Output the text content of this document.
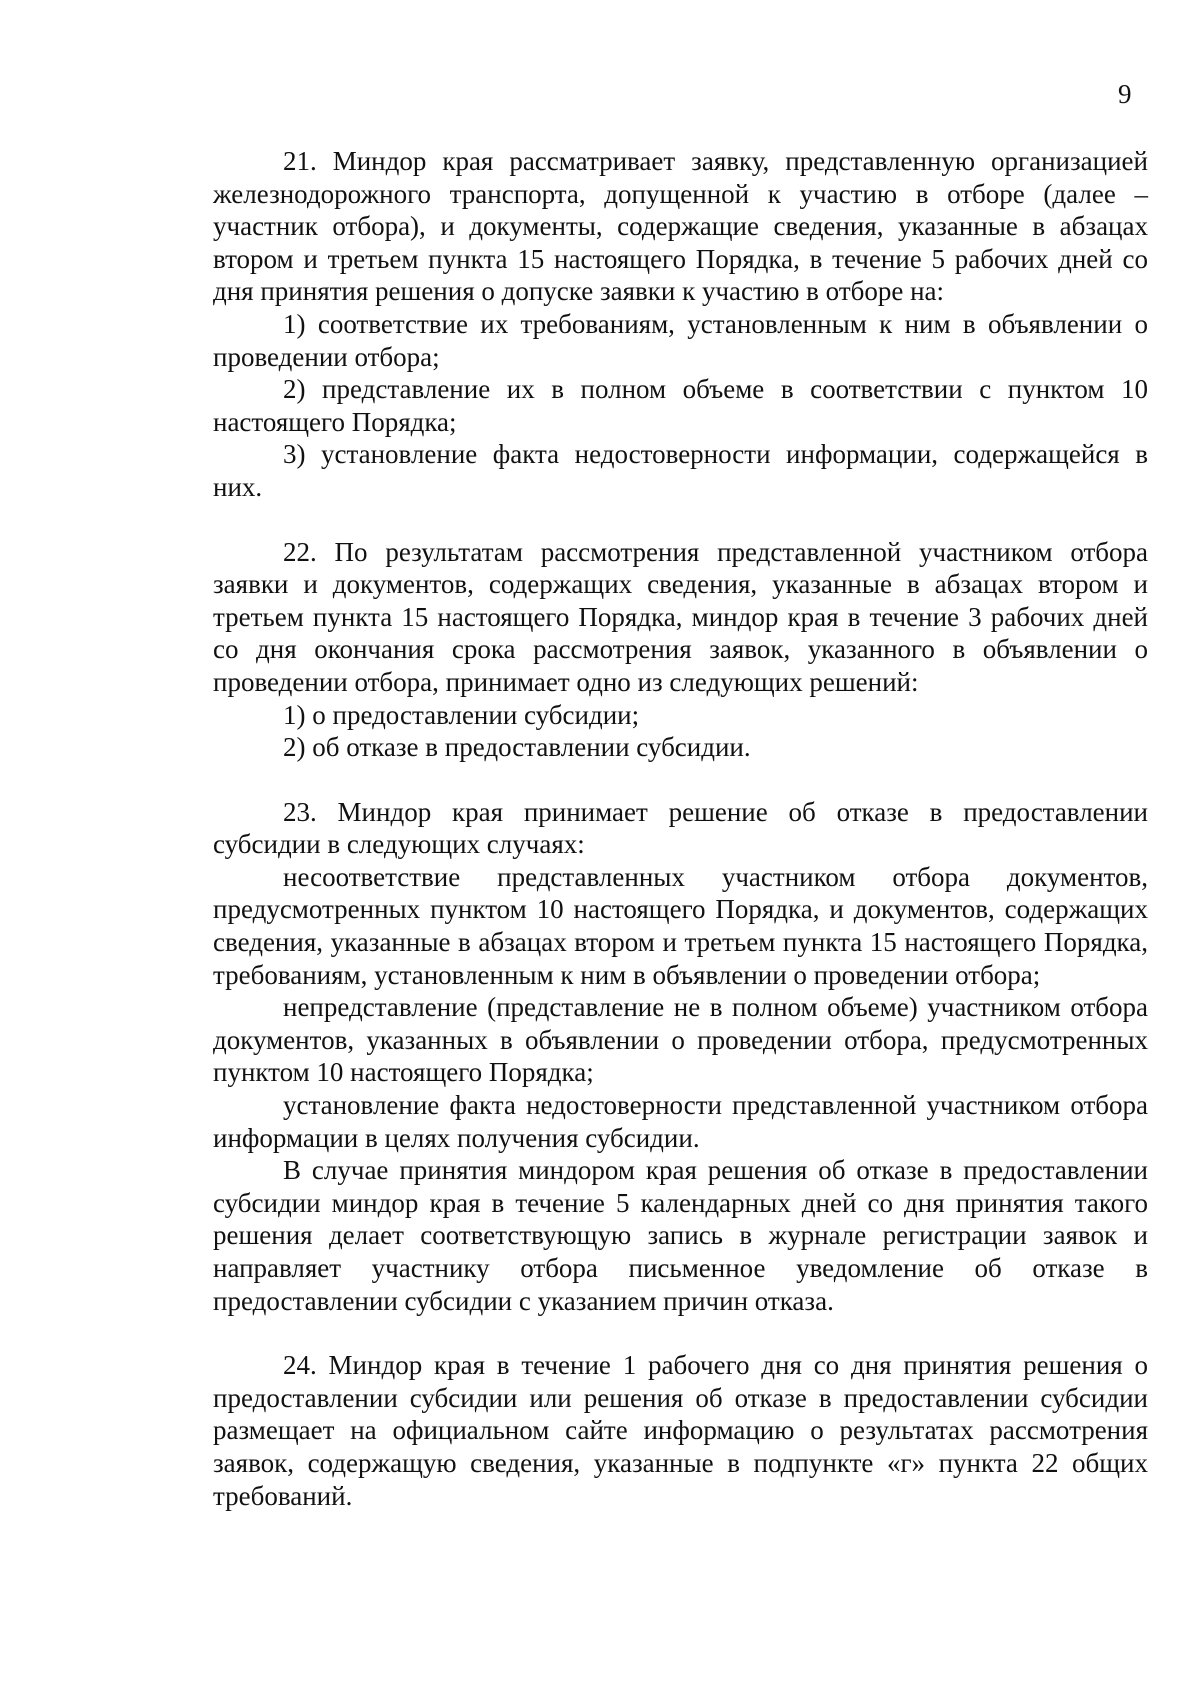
9

21. Миндор края рассматривает заявку, представленную организацией железнодорожного транспорта, допущенной к участию в отборе (далее – участник отбора), и документы, содержащие сведения, указанные в абзацах втором и третьем пункта 15 настоящего Порядка, в течение 5 рабочих дней со дня принятия решения о допуске заявки к участию в отборе на:

1) соответствие их требованиям, установленным к ним в объявлении о проведении отбора;

2) представление их в полном объеме в соответствии с пунктом 10 настоящего Порядка;

3) установление факта недостоверности информации, содержащейся в них.

22. По результатам рассмотрения представленной участником отбора заявки и документов, содержащих сведения, указанные в абзацах втором и третьем пункта 15 настоящего Порядка, миндор края в течение 3 рабочих дней со дня окончания срока рассмотрения заявок, указанного в объявлении о проведении отбора, принимает одно из следующих решений:

1) о предоставлении субсидии;

2) об отказе в предоставлении субсидии.

23. Миндор края принимает решение об отказе в предоставлении субсидии в следующих случаях:

несоответствие представленных участником отбора документов, предусмотренных пунктом 10 настоящего Порядка, и документов, содержащих сведения, указанные в абзацах втором и третьем пункта 15 настоящего Порядка, требованиям, установленным к ним в объявлении о проведении отбора;

непредставление (представление не в полном объеме) участником отбора документов, указанных в объявлении о проведении отбора, предусмотренных пунктом 10 настоящего Порядка;

установление факта недостоверности представленной участником отбора информации в целях получения субсидии.

В случае принятия миндором края решения об отказе в предоставлении субсидии миндор края в течение 5 календарных дней со дня принятия такого решения делает соответствующую запись в журнале регистрации заявок и направляет участнику отбора письменное уведомление об отказе в предоставлении субсидии с указанием причин отказа.

24. Миндор края в течение 1 рабочего дня со дня принятия решения о предоставлении субсидии или решения об отказе в предоставлении субсидии размещает на официальном сайте информацию о результатах рассмотрения заявок, содержащую сведения, указанные в подпункте «г» пункта 22 общих требований.
